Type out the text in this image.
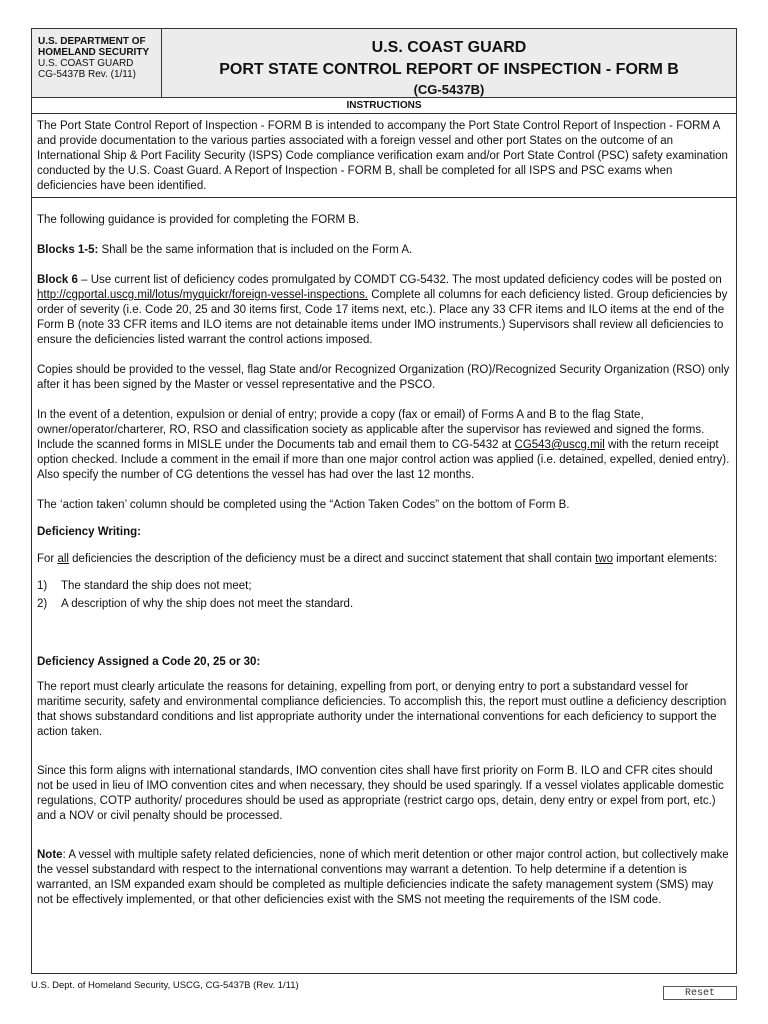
U.S. DEPARTMENT OF
HOMELAND SECURITY
U.S. COAST GUARD
CG-5437B Rev. (1/11)
U.S. COAST GUARD
PORT STATE CONTROL REPORT OF INSPECTION - FORM B
(CG-5437B)
INSTRUCTIONS
The Port State Control Report of Inspection - FORM B is intended to accompany the Port State Control Report of Inspection - FORM A and provide documentation to the various parties associated with a foreign vessel and other port States on the outcome of an International Ship & Port Facility Security (ISPS) Code compliance verification exam and/or Port State Control (PSC) safety examination conducted by the U.S. Coast Guard. A Report of Inspection - FORM B, shall be completed for all ISPS and PSC exams when deficiencies have been identified.

The following guidance is provided for completing the FORM B.

Blocks 1-5: Shall be the same information that is included on the Form A.

Block 6 – Use current list of deficiency codes promulgated by COMDT CG-5432. The most updated deficiency codes will be posted on http://cgportal.uscg.mil/lotus/myquickr/foreign-vessel-inspections. Complete all columns for each deficiency listed. Group deficiencies by order of severity (i.e. Code 20, 25 and 30 items first, Code 17 items next, etc.). Place any 33 CFR items and ILO items at the end of the Form B (note 33 CFR items and ILO items are not detainable items under IMO instruments.) Supervisors shall review all deficiencies to ensure the deficiencies listed warrant the control actions imposed.

Copies should be provided to the vessel, flag State and/or Recognized Organization (RO)/Recognized Security Organization (RSO) only after it has been signed by the Master or vessel representative and the PSCO.

In the event of a detention, expulsion or denial of entry; provide a copy (fax or email) of Forms A and B to the flag State, owner/operator/charterer, RO, RSO and classification society as applicable after the supervisor has reviewed and signed the forms. Include the scanned forms in MISLE under the Documents tab and email them to CG-5432 at CG543@uscg.mil with the return receipt option checked. Include a comment in the email if more than one major control action was applied (i.e. detained, expelled, denied entry). Also specify the number of CG detentions the vessel has had over the last 12 months.

The ‘action taken’ column should be completed using the “Action Taken Codes” on the bottom of Form B.

Deficiency Writing:

For all deficiencies the description of the deficiency must be a direct and succinct statement that shall contain two important elements:

1) The standard the ship does not meet;
2) A description of why the ship does not meet the standard.

Deficiency Assigned a Code 20, 25 or 30:

The report must clearly articulate the reasons for detaining, expelling from port, or denying entry to port a substandard vessel for maritime security, safety and environmental compliance deficiencies. To accomplish this, the report must outline a deficiency description that shows substandard conditions and list appropriate authority under the international conventions for each deficiency to support the action taken.

Since this form aligns with international standards, IMO convention cites shall have first priority on Form B. ILO and CFR cites should not be used in lieu of IMO convention cites and when necessary, they should be used sparingly. If a vessel violates applicable domestic regulations, COTP authority/ procedures should be used as appropriate (restrict cargo ops, detain, deny entry or expel from port, etc.) and a NOV or civil penalty should be processed.

Note: A vessel with multiple safety related deficiencies, none of which merit detention or other major control action, but collectively make the vessel substandard with respect to the international conventions may warrant a detention. To help determine if a detention is warranted, an ISM expanded exam should be completed as multiple deficiencies indicate the safety management system (SMS) may not be effectively implemented, or that other deficiencies exist with the SMS not meeting the requirements of the ISM code.

U.S. Dept. of Homeland Security, USCG, CG-5437B (Rev. 1/11)
Reset
